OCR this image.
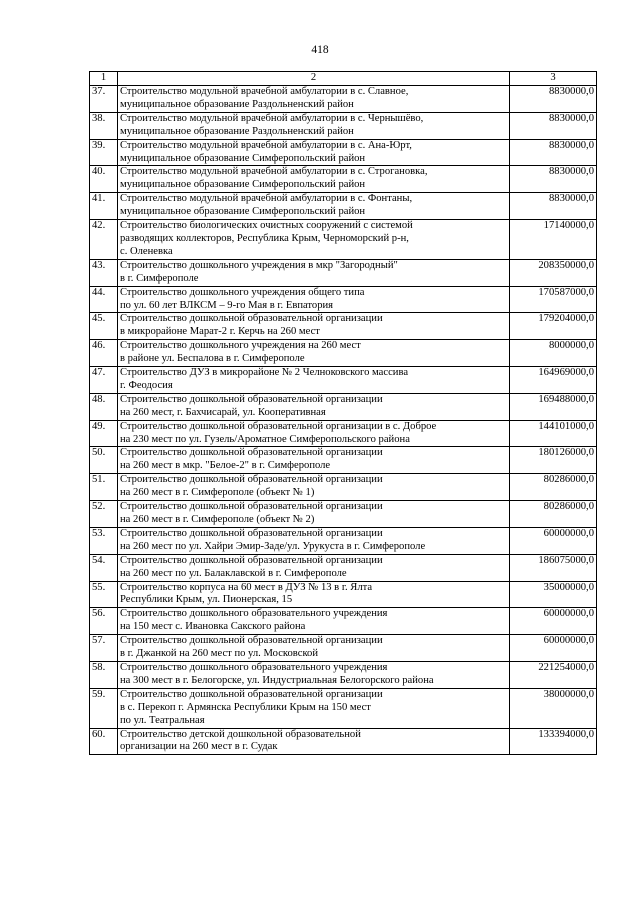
418
1	2	3
37.	Строительство модульной врачебной амбулатории в с. Славное,
муниципальное образование Раздольненский район	8830000,0
38.	Строительство модульной врачебной амбулатории в с. Чернышёво,
муниципальное образование Раздольненский район	8830000,0
39.	Строительство модульной врачебной амбулатории в с. Ана-Юрт,
муниципальное образование Симферопольский район	8830000,0
40.	Строительство модульной врачебной амбулатории в с. Строгановка,
муниципальное образование Симферопольский район	8830000,0
41.	Строительство модульной врачебной амбулатории в с. Фонтаны,
муниципальное образование Симферопольский район	8830000,0
42.	Строительство биологических очистных сооружений с системой
разводящих коллекторов, Республика Крым, Черноморский р-н,
с. Оленевка	17140000,0
43.	Строительство дошкольного учреждения в мкр "Загородный"
в г. Симферополе	208350000,0
44.	Строительство дошкольного учреждения общего типа
по ул. 60 лет ВЛКСМ – 9-го Мая в г. Евпатория	170587000,0
45.	Строительство дошкольной образовательной организации
в микрорайоне Марат-2 г. Керчь на 260 мест	179204000,0
46.	Строительство дошкольного учреждения на 260 мест
в районе ул. Беспалова в г. Симферополе	8000000,0
47.	Строительство ДУЗ в микрорайоне № 2 Челноковского массива
г. Феодосия	164969000,0
48.	Строительство дошкольной образовательной организации
на 260 мест, г. Бахчисарай, ул. Кооперативная	169488000,0
49.	Строительство дошкольной образовательной организации в с. Доброе
на 230 мест по ул. Гузель/Ароматное Симферопольского района	144101000,0
50.	Строительство дошкольной образовательной организации
на 260 мест в мкр. "Белое-2" в г. Симферополе	180126000,0
51.	Строительство дошкольной образовательной организации
на 260 мест в г. Симферополе (объект № 1)	80286000,0
52.	Строительство дошкольной образовательной организации
на 260 мест в г. Симферополе (объект № 2)	80286000,0
53.	Строительство дошкольной образовательной организации
на 260 мест по ул. Хайри Эмир-Заде/ул. Урукуста в г. Симферополе	60000000,0
54.	Строительство дошкольной образовательной организации
на 260 мест по ул. Балаклавской в г. Симферополе	186075000,0
55.	Строительство корпуса на 60 мест в ДУЗ № 13 в г. Ялта
Республики Крым, ул. Пионерская, 15	35000000,0
56.	Строительство дошкольного образовательного учреждения
на 150 мест с. Ивановка Сакского района	60000000,0
57.	Строительство дошкольной образовательной организации
в г. Джанкой на 260 мест по ул. Московской	60000000,0
58.	Строительство дошкольного образовательного учреждения
на 300 мест в г. Белогорске, ул. Индустриальная Белогорского района	221254000,0
59.	Строительство дошкольной образовательной организации
в с. Перекоп г. Армянска Республики Крым на 150 мест
по ул. Театральная	38000000,0
60.	Строительство детской дошкольной образовательной
организации на 260 мест в г. Судак	133394000,0
